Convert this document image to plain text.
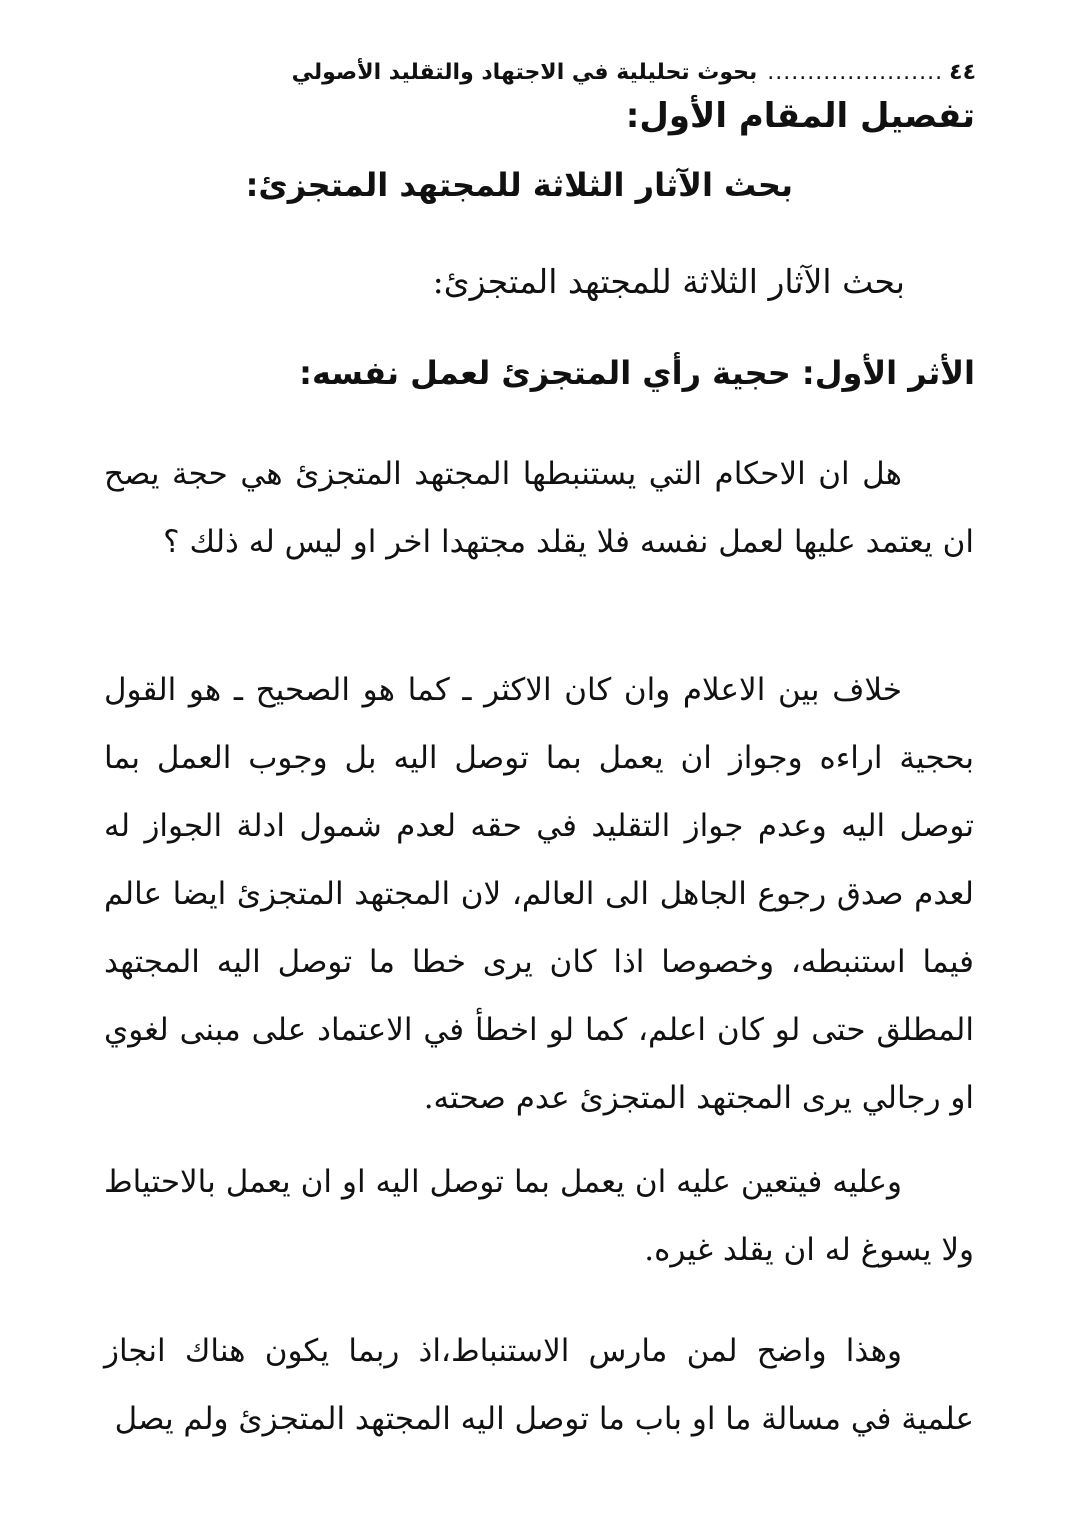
٤٤
......................
بحوث تحليلية في الاجتهاد والتقليد الأصولي
تفصيل المقام الأول:
بحث الآثار الثلاثة للمجتهد المتجزئ:
بحث الآثار الثلاثة للمجتهد المتجزئ:
الأثر الأول: حجية رأي المتجزئ لعمل نفسه:

هل ان الاحكام التي يستنبطها المجتهد المتجزئ هي حجة يصح ان يعتمد عليها لعمل نفسه فلا يقلد مجتهدا اخر او ليس له ذلك ؟

خلاف بين الاعلام وان كان الاكثر ـ كما هو الصحيح ـ هو القول بحجية اراءه وجواز ان يعمل بما توصل اليه بل وجوب العمل بما توصل اليه وعدم جواز التقليد في حقه لعدم شمول ادلة الجواز له لعدم صدق رجوع الجاهل الى العالم، لان المجتهد المتجزئ ايضا عالم فيما استنبطه، وخصوصا اذا كان يرى خطا ما توصل اليه المجتهد المطلق حتى لو كان اعلم، كما لو اخطأ في الاعتماد على مبنى لغوي او رجالي يرى المجتهد المتجزئ عدم صحته.

وعليه فيتعين عليه ان يعمل بما توصل اليه او ان يعمل بالاحتياط ولا يسوغ له ان يقلد غيره.

وهذا واضح لمن مارس الاستنباط،اذ ربما يكون هناك انجاز علمية في مسالة ما او باب ما توصل اليه المجتهد المتجزئ ولم يصل
